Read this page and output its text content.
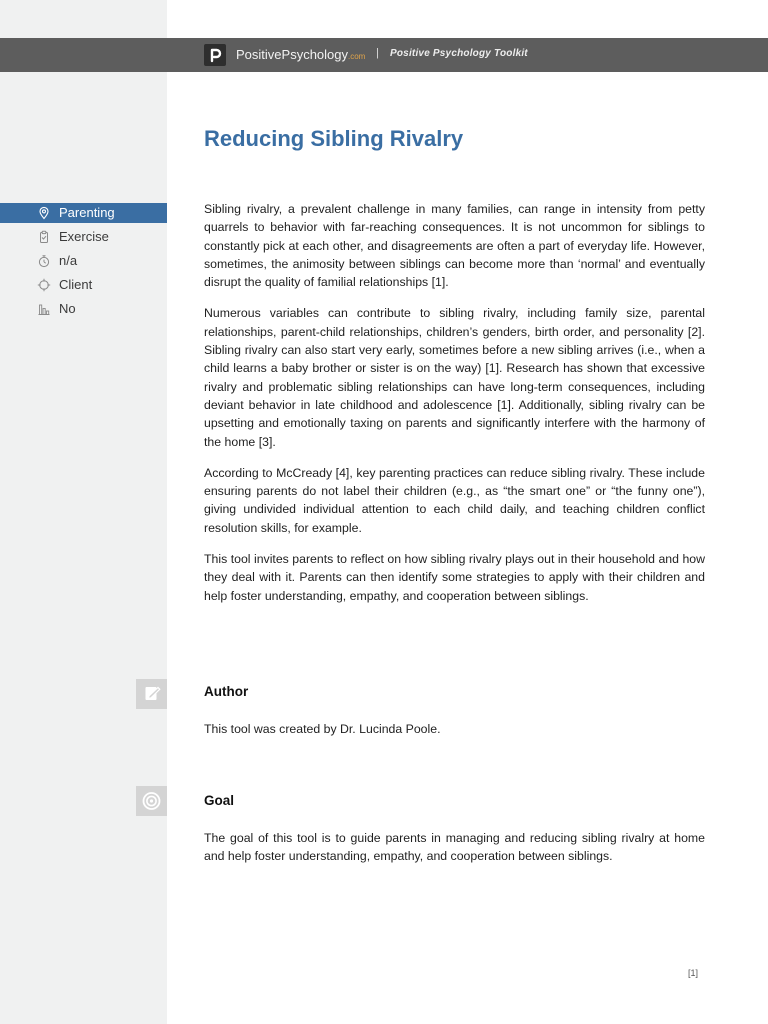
PositivePsychology.com | Positive Psychology Toolkit
Reducing Sibling Rivalry
Parenting
Exercise
n/a
Client
No

Sibling rivalry, a prevalent challenge in many families, can range in intensity from petty quarrels to behavior with far-reaching consequences. It is not uncommon for siblings to constantly pick at each other, and disagreements are often a part of everyday life. However, sometimes, the animosity between siblings can become more than ‘normal’ and eventually disrupt the quality of familial relationships [1].

Numerous variables can contribute to sibling rivalry, including family size, parental relationships, parent-child relationships, children’s genders, birth order, and personality [2]. Sibling rivalry can also start very early, sometimes before a new sibling arrives (i.e., when a child learns a baby brother or sister is on the way) [1]. Research has shown that excessive rivalry and problematic sibling relationships can have long-term consequences, including deviant behavior in late childhood and adolescence [1]. Additionally, sibling rivalry can be upsetting and emotionally taxing on parents and significantly interfere with the harmony of the home [3].

According to McCready [4], key parenting practices can reduce sibling rivalry. These include ensuring parents do not label their children (e.g., as “the smart one” or “the funny one”), giving undivided individual attention to each child daily, and teaching children conflict resolution skills, for example.

This tool invites parents to reflect on how sibling rivalry plays out in their household and how they deal with it. Parents can then identify some strategies to apply with their children and help foster understanding, empathy, and cooperation between siblings.

Author

This tool was created by Dr. Lucinda Poole.

Goal

The goal of this tool is to guide parents in managing and reducing sibling rivalry at home and help foster understanding, empathy, and cooperation between siblings.

[1]
